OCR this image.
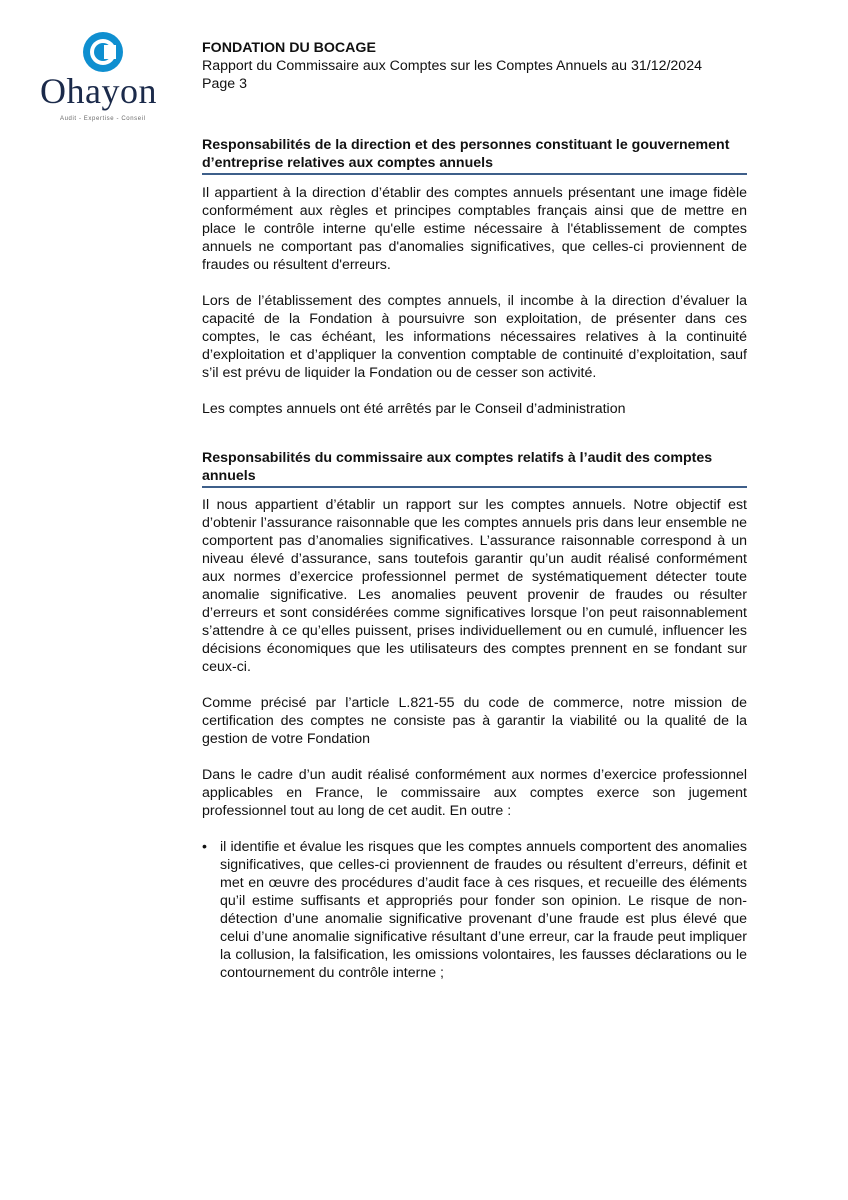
Ohayon
Audit - Expertise - Conseil
FONDATION DU BOCAGE
Rapport du Commissaire aux Comptes sur les Comptes Annuels au 31/12/2024
Page 3
Responsabilités de la direction et des personnes constituant le gouvernement d’entreprise relatives aux comptes annuels

Il appartient à la direction d’établir des comptes annuels présentant une image fidèle conformément aux règles et principes comptables français ainsi que de mettre en place le contrôle interne qu'elle estime nécessaire à l'établissement de comptes annuels ne comportant pas d'anomalies significatives, que celles-ci proviennent de fraudes ou résultent d'erreurs.

Lors de l’établissement des comptes annuels, il incombe à la direction d’évaluer la capacité de la Fondation à poursuivre son exploitation, de présenter dans ces comptes, le cas échéant, les informations nécessaires relatives à la continuité d’exploitation et d’appliquer la convention comptable de continuité d’exploitation, sauf s’il est prévu de liquider la Fondation ou de cesser son activité.

Les comptes annuels ont été arrêtés par le Conseil d’administration

Responsabilités du commissaire aux comptes relatifs à l’audit des comptes annuels

Il nous appartient d’établir un rapport sur les comptes annuels. Notre objectif est d’obtenir l’assurance raisonnable que les comptes annuels pris dans leur ensemble ne comportent pas d’anomalies significatives. L’assurance raisonnable correspond à un niveau élevé d’assurance, sans toutefois garantir qu’un audit réalisé conformément aux normes d’exercice professionnel permet de systématiquement détecter toute anomalie significative. Les anomalies peuvent provenir de fraudes ou résulter d’erreurs et sont considérées comme significatives lorsque l’on peut raisonnablement s’attendre à ce qu’elles puissent, prises individuellement ou en cumulé, influencer les décisions économiques que les utilisateurs des comptes prennent en se fondant sur ceux-ci.

Comme précisé par l’article L.821-55 du code de commerce, notre mission de certification des comptes ne consiste pas à garantir la viabilité ou la qualité de la gestion de votre Fondation

Dans le cadre d’un audit réalisé conformément aux normes d’exercice professionnel applicables en France, le commissaire aux comptes exerce son jugement professionnel tout au long de cet audit. En outre :

• il identifie et évalue les risques que les comptes annuels comportent des anomalies significatives, que celles-ci proviennent de fraudes ou résultent d’erreurs, définit et met en œuvre des procédures d’audit face à ces risques, et recueille des éléments qu’il estime suffisants et appropriés pour fonder son opinion. Le risque de non-détection d’une anomalie significative provenant d’une fraude est plus élevé que celui d’une anomalie significative résultant d’une erreur, car la fraude peut impliquer la collusion, la falsification, les omissions volontaires, les fausses déclarations ou le contournement du contrôle interne ;
